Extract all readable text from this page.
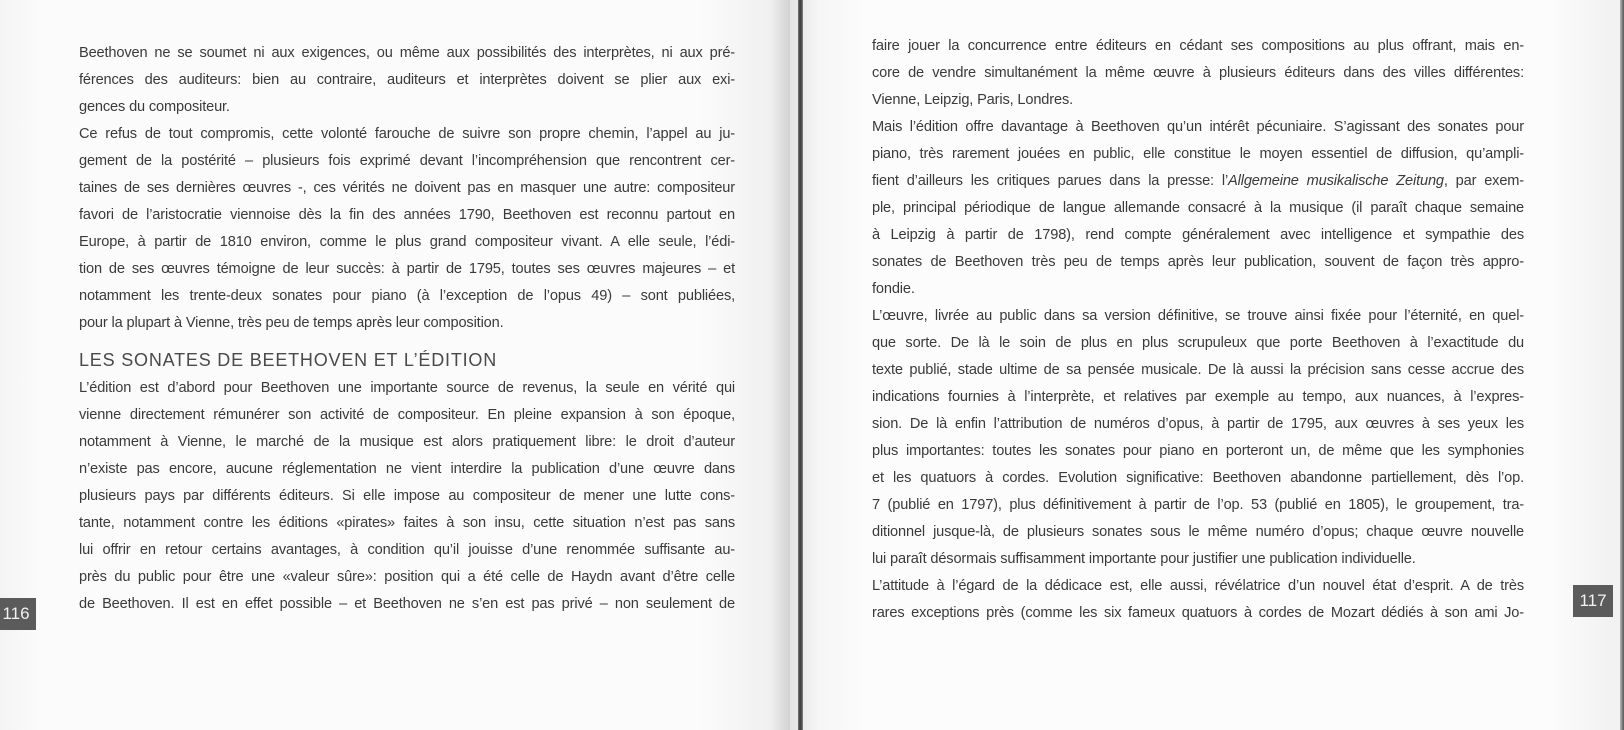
Beethoven ne se soumet ni aux exigences, ou même aux possibilités des interprètes, ni aux pré-
férences des auditeurs: bien au contraire, auditeurs et interprètes doivent se plier aux exi-
gences du compositeur.
Ce refus de tout compromis, cette volonté farouche de suivre son propre chemin, l’appel au ju-
gement de la postérité – plusieurs fois exprimé devant l’incompréhension que rencontrent cer-
taines de ses dernières œuvres -, ces vérités ne doivent pas en masquer une autre: compositeur
favori de l’aristocratie viennoise dès la fin des années 1790, Beethoven est reconnu partout en
Europe, à partir de 1810 environ, comme le plus grand compositeur vivant. A elle seule, l’édi-
tion de ses œuvres témoigne de leur succès: à partir de 1795, toutes ses œuvres majeures – et
notamment les trente-deux sonates pour piano (à l’exception de l’opus 49) – sont publiées,
pour la plupart à Vienne, très peu de temps après leur composition.
LES SONATES DE BEETHOVEN ET L’ÉDITION
L’édition est d’abord pour Beethoven une importante source de revenus, la seule en vérité qui
vienne directement rémunérer son activité de compositeur. En pleine expansion à son époque,
notamment à Vienne, le marché de la musique est alors pratiquement libre: le droit d’auteur
n’existe pas encore, aucune réglementation ne vient interdire la publication d’une œuvre dans
plusieurs pays par différents éditeurs. Si elle impose au compositeur de mener une lutte cons-
tante, notamment contre les éditions «pirates» faites à son insu, cette situation n’est pas sans
lui offrir en retour certains avantages, à condition qu’il jouisse d’une renommée suffisante au-
près du public pour être une «valeur sûre»: position qui a été celle de Haydn avant d’être celle
de Beethoven. Il est en effet possible – et Beethoven ne s’en est pas privé – non seulement de
116
faire jouer la concurrence entre éditeurs en cédant ses compositions au plus offrant, mais en-
core de vendre simultanément la même œuvre à plusieurs éditeurs dans des villes différentes:
Vienne, Leipzig, Paris, Londres.
Mais l’édition offre davantage à Beethoven qu’un intérêt pécuniaire. S’agissant des sonates pour
piano, très rarement jouées en public, elle constitue le moyen essentiel de diffusion, qu’ampli-
fient d’ailleurs les critiques parues dans la presse: l’Allgemeine musikalische Zeitung, par exem-
ple, principal périodique de langue allemande consacré à la musique (il paraît chaque semaine
à Leipzig à partir de 1798), rend compte généralement avec intelligence et sympathie des
sonates de Beethoven très peu de temps après leur publication, souvent de façon très appro-
fondie.
L’œuvre, livrée au public dans sa version définitive, se trouve ainsi fixée pour l’éternité, en quel-
que sorte. De là le soin de plus en plus scrupuleux que porte Beethoven à l’exactitude du
texte publié, stade ultime de sa pensée musicale. De là aussi la précision sans cesse accrue des
indications fournies à l’interprète, et relatives par exemple au tempo, aux nuances, à l’expres-
sion. De là enfin l’attribution de numéros d’opus, à partir de 1795, aux œuvres à ses yeux les
plus importantes: toutes les sonates pour piano en porteront un, de même que les symphonies
et les quatuors à cordes. Evolution significative: Beethoven abandonne partiellement, dès l’op.
7 (publié en 1797), plus définitivement à partir de l’op. 53 (publié en 1805), le groupement, tra-
ditionnel jusque-là, de plusieurs sonates sous le même numéro d’opus; chaque œuvre nouvelle
lui paraît désormais suffisamment importante pour justifier une publication individuelle.
L’attitude à l’égard de la dédicace est, elle aussi, révélatrice d’un nouvel état d’esprit. A de très
rares exceptions près (comme les six fameux quatuors à cordes de Mozart dédiés à son ami Jo-
117
